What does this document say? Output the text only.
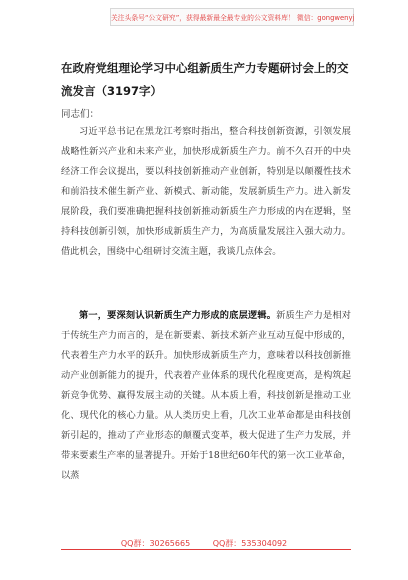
关注头条号“公文研究”，获得最新最全最专业的公文资料库！ 微信：gongwenyj
在政府党组理论学习中心组新质生产力专题研讨会上的交流发言（3197字）
同志们：
习近平总书记在黑龙江考察时指出，整合科技创新资源，引领发展战略性新兴产业和未来产业，加快形成新质生产力。前不久召开的中央经济工作会议提出，要以科技创新推动产业创新，特别是以颠覆性技术和前沿技术催生新产业、新模式、新动能，发展新质生产力。进入新发展阶段，我们要准确把握科技创新推动新质生产力形成的内在逻辑，坚持科技创新引领，加快形成新质生产力，为高质量发展注入强大动力。借此机会，围绕中心组研讨交流主题，我谈几点体会。
第一，要深刻认识新质生产力形成的底层逻辑。新质生产力是相对于传统生产力而言的，是在新要素、新技术新产业互动互促中形成的，代表着生产力水平的跃升。加快形成新质生产力，意味着以科技创新推动产业创新能力的提升，代表着产业体系的现代化程度更高，是构筑起新竞争优势、赢得发展主动的关键。从本质上看，科技创新是推动工业化、现代化的核心力量。从人类历史上看，几次工业革命都是由科技创新引起的，推动了产业形态的颠覆式变革，极大促进了生产力发展，并带来要素生产率的显著提升。开始于18世纪60年代的第一次工业革命，以蒸
QQ群：30265665	QQ群：535304092
